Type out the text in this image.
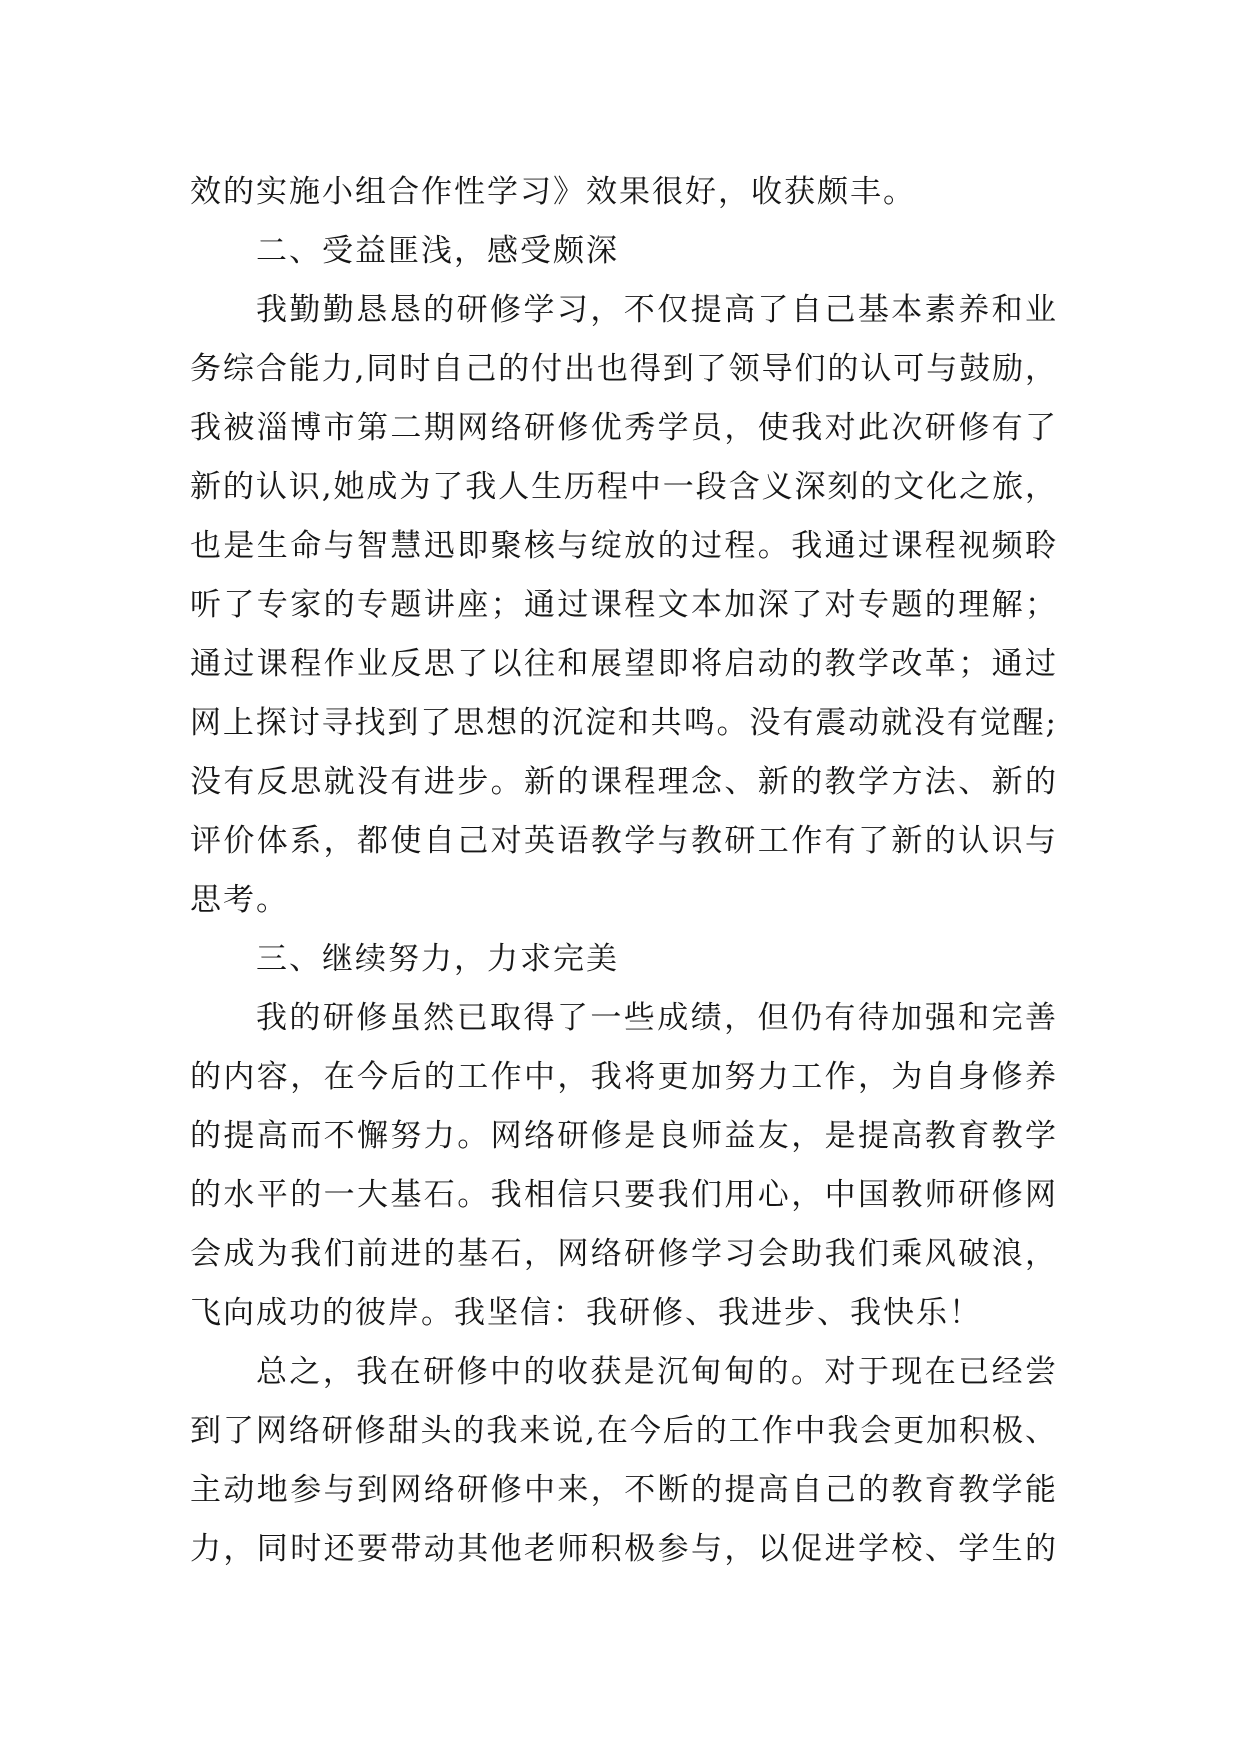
效的实施小组合作性学习》效果很好，收获颇丰。
二、受益匪浅，感受颇深
我勤勤恳恳的研修学习，不仅提高了自己基本素养和业
务综合能力,同时自己的付出也得到了领导们的认可与鼓励，
我被淄博市第二期网络研修优秀学员，使我对此次研修有了
新的认识,她成为了我人生历程中一段含义深刻的文化之旅，
也是生命与智慧迅即聚核与绽放的过程。我通过课程视频聆
听了专家的专题讲座；通过课程文本加深了对专题的理解；
通过课程作业反思了以往和展望即将启动的教学改革；通过
网上探讨寻找到了思想的沉淀和共鸣。没有震动就没有觉醒;
没有反思就没有进步。新的课程理念、新的教学方法、新的
评价体系，都使自己对英语教学与教研工作有了新的认识与
思考。
三、继续努力，力求完美
我的研修虽然已取得了一些成绩，但仍有待加强和完善
的内容，在今后的工作中，我将更加努力工作，为自身修养
的提高而不懈努力。网络研修是良师益友，是提高教育教学
的水平的一大基石。我相信只要我们用心，中国教师研修网
会成为我们前进的基石，网络研修学习会助我们乘风破浪，
飞向成功的彼岸。我坚信：我研修、我进步、我快乐！
总之，我在研修中的收获是沉甸甸的。对于现在已经尝
到了网络研修甜头的我来说,在今后的工作中我会更加积极、
主动地参与到网络研修中来，不断的提高自己的教育教学能
力，同时还要带动其他老师积极参与，以促进学校、学生的
